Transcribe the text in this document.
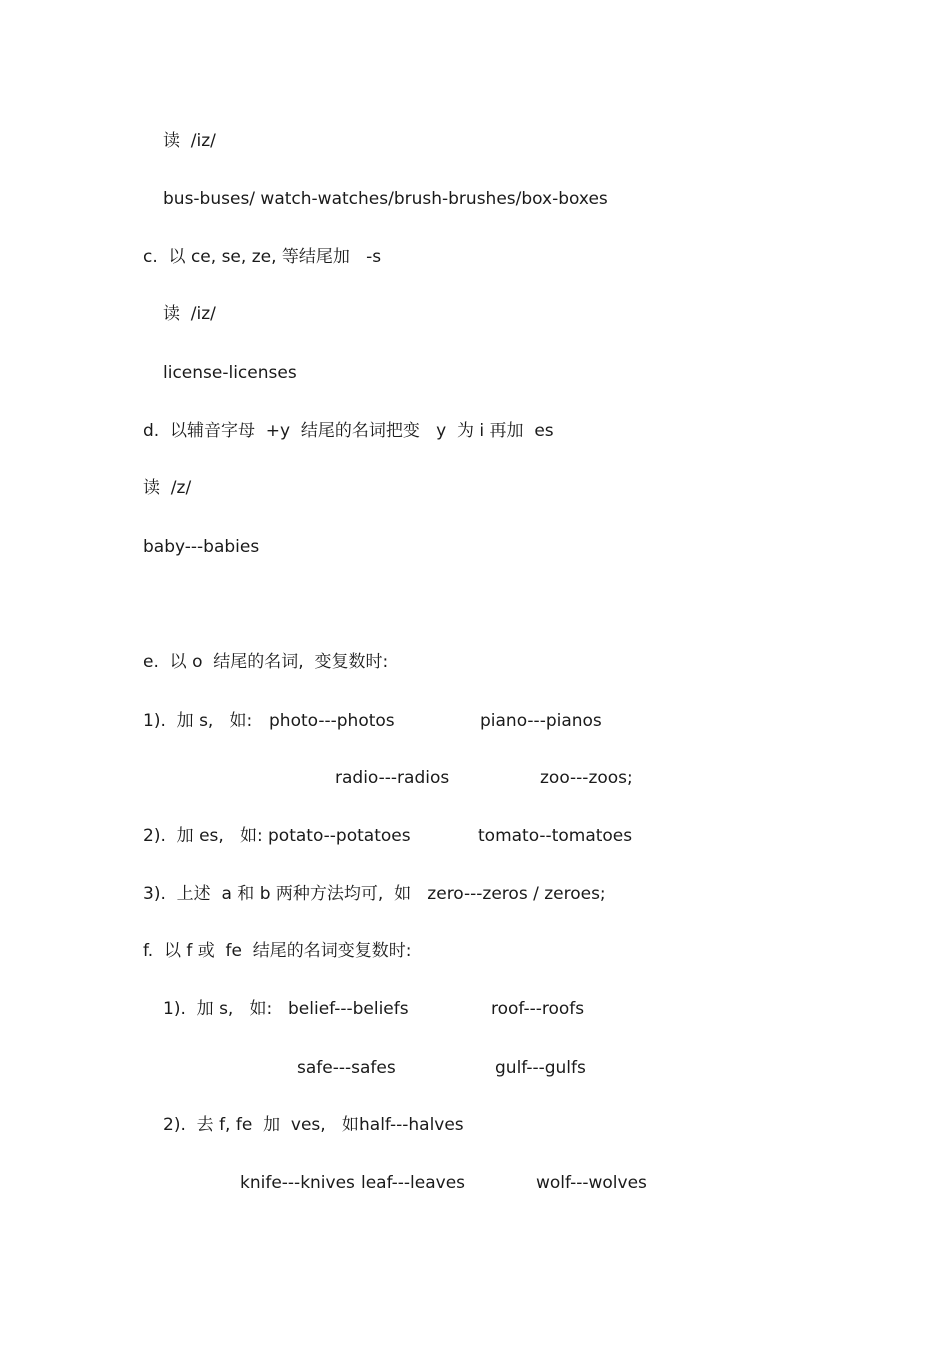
读  /iz/

bus-buses/ watch-watches/brush-brushes/box-boxes

c.  以 ce, se, ze, 等结尾加   -s

读  /iz/

license-licenses

d.  以辅音字母  +y  结尾的名词把变   y  为 i 再加  es

读  /z/

baby---babies

e.  以 o  结尾的名词,  变复数时:

1).  加 s,   如: photo---photos	piano---pianos

radio---radios	zoo---zoos;

2).  加 es,   如: potato--potatoes	tomato--tomatoes

3).  上述  a 和 b 两种方法均可,  如   zero---zeros / zeroes;

f.  以 f 或  fe  结尾的名词变复数时:

1).  加 s,   如: belief---beliefs	roof---roofs

safe---safes	gulf---gulfs

2).  去 f, fe  加  ves,   如:

half---halves

knife---knives leaf---leaves	wolf---wolves
